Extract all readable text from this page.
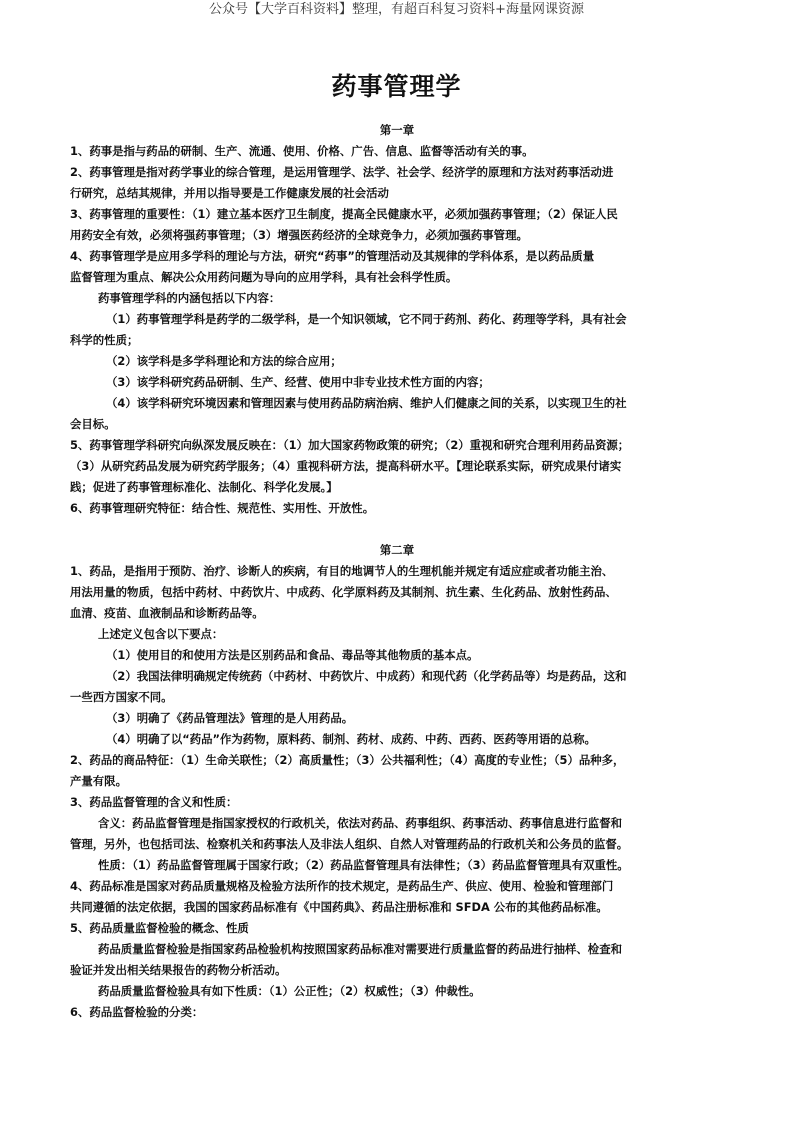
公众号【大学百科资料】整理，有超百科复习资料+海量网课资源
药事管理学
第一章
1、药事是指与药品的研制、生产、流通、使用、价格、广告、信息、监督等活动有关的事。
2、药事管理是指对药学事业的综合管理，是运用管理学、法学、社会学、经济学的原理和方法对药事活动进
行研究，总结其规律，并用以指导要是工作健康发展的社会活动
3、药事管理的重要性：（1）建立基本医疗卫生制度，提高全民健康水平，必须加强药事管理；（2）保证人民
用药安全有效，必须将强药事管理；（3）增强医药经济的全球竞争力，必须加强药事管理。
4、药事管理学是应用多学科的理论与方法，研究“药事”的管理活动及其规律的学科体系，是以药品质量
监督管理为重点、解决公众用药问题为导向的应用学科，具有社会科学性质。
药事管理学科的内涵包括以下内容：
（1）药事管理学科是药学的二级学科，是一个知识领域，它不同于药剂、药化、药理等学科，具有社会
科学的性质；
（2）该学科是多学科理论和方法的综合应用；
（3）该学科研究药品研制、生产、经营、使用中非专业技术性方面的内容；
（4）该学科研究环境因素和管理因素与使用药品防病治病、维护人们健康之间的关系，以实现卫生的社
会目标。
5、药事管理学科研究向纵深发展反映在：（1）加大国家药物政策的研究；（2）重视和研究合理利用药品资源；
（3）从研究药品发展为研究药学服务；（4）重视科研方法，提高科研水平。【理论联系实际，研究成果付诸实
践；促进了药事管理标准化、法制化、科学化发展。】
6、药事管理研究特征：结合性、规范性、实用性、开放性。
第二章
1、药品，是指用于预防、治疗、诊断人的疾病，有目的地调节人的生理机能并规定有适应症或者功能主治、
用法用量的物质，包括中药材、中药饮片、中成药、化学原料药及其制剂、抗生素、生化药品、放射性药品、
血清、疫苗、血液制品和诊断药品等。
上述定义包含以下要点：
（1）使用目的和使用方法是区别药品和食品、毒品等其他物质的基本点。
（2）我国法律明确规定传统药（中药材、中药饮片、中成药）和现代药（化学药品等）均是药品，这和
一些西方国家不同。
（3）明确了《药品管理法》管理的是人用药品。
（4）明确了以“药品”作为药物，原料药、制剂、药材、成药、中药、西药、医药等用语的总称。
2、药品的商品特征：（1）生命关联性；（2）高质量性；（3）公共福利性；（4）高度的专业性；（5）品种多，
产量有限。
3、药品监督管理的含义和性质：
含义：药品监督管理是指国家授权的行政机关，依法对药品、药事组织、药事活动、药事信息进行监督和
管理，另外，也包括司法、检察机关和药事法人及非法人组织、自然人对管理药品的行政机关和公务员的监督。
性质：（1）药品监督管理属于国家行政；（2）药品监督管理具有法律性；（3）药品监督管理具有双重性。
4、药品标准是国家对药品质量规格及检验方法所作的技术规定，是药品生产、供应、使用、检验和管理部门
共同遵循的法定依据，我国的国家药品标准有《中国药典》、药品注册标准和 SFDA 公布的其他药品标准。
5、药品质量监督检验的概念、性质
药品质量监督检验是指国家药品检验机构按照国家药品标准对需要进行质量监督的药品进行抽样、检查和
验证并发出相关结果报告的药物分析活动。
药品质量监督检验具有如下性质：（1）公正性；（2）权威性；（3）仲裁性。
6、药品监督检验的分类：
